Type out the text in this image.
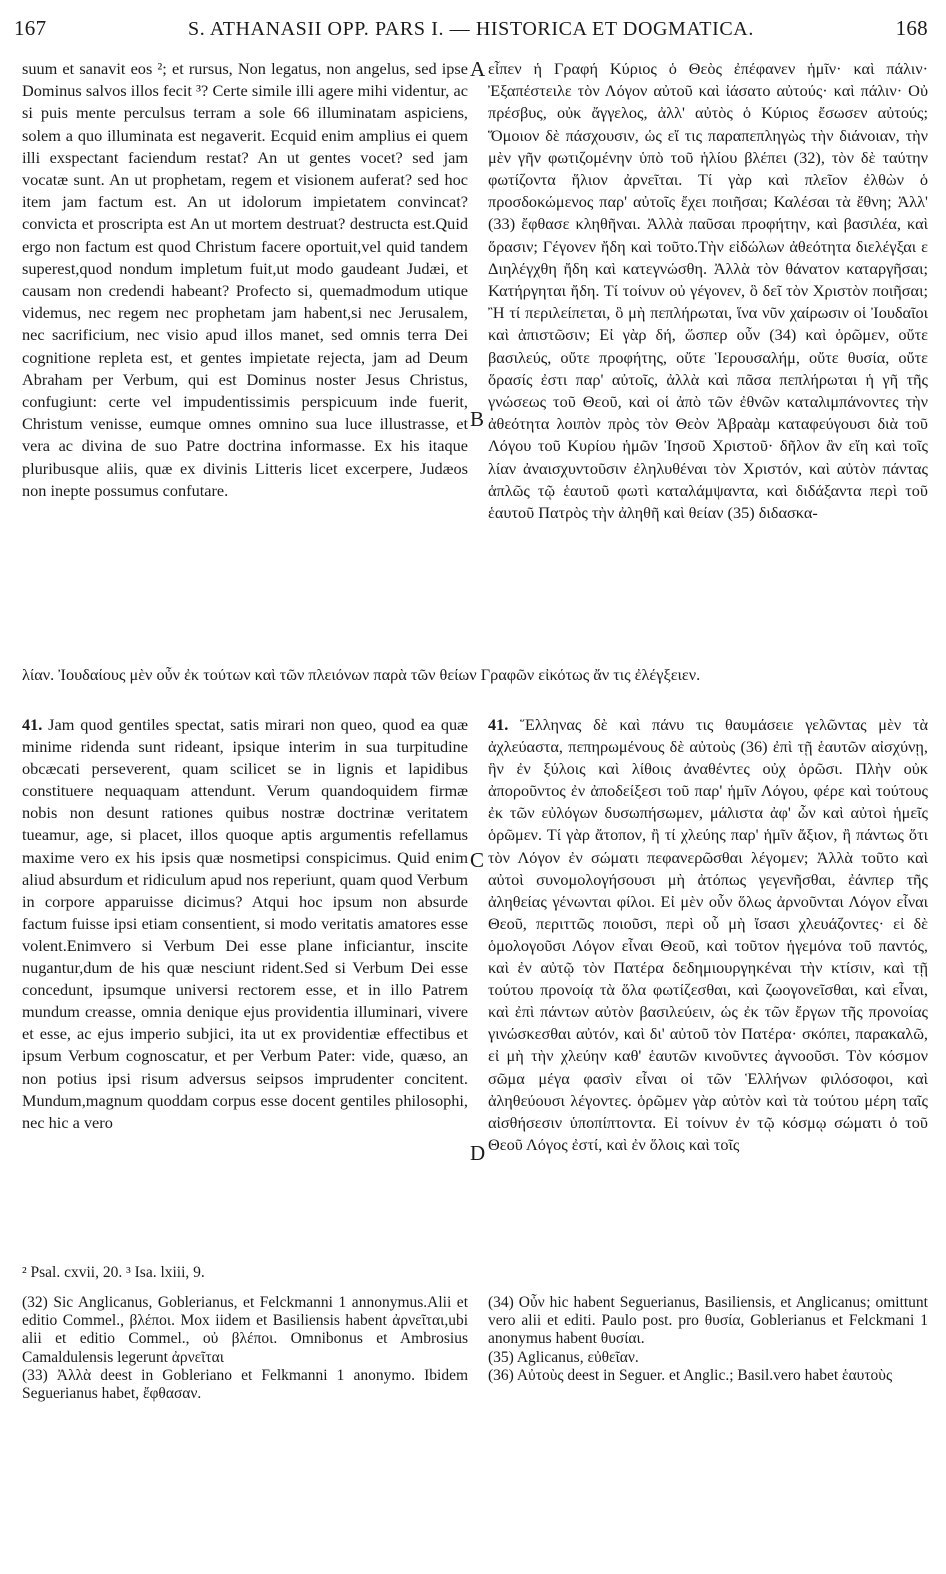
167	S. ATHANASII OPP. PARS I. — HISTORICA ET DOGMATICA.	168

suum et sanavit eos ²; et rursus, Non legatus, non angelus, sed ipse Dominus salvos illos fecit ³? Certe simile illi agere mihi videntur, ac si puis mente perculsus terram a sole 66 illuminatam aspiciens, solem a quo illuminata est negaverit. Ecquid enim amplius ei quem illi exspectant faciendum restat? An ut gentes vocet? sed jam vocatæ sunt. An ut prophetam, regem et visionem auferat? sed hoc item jam factum est. An ut idolorum impietatem convincat? convicta et proscripta est An ut mortem destruat? destructa est.Quid ergo non factum est quod Christum facere oportuit,vel quid tandem superest,quod nondum impletum fuit,ut modo gaudeant Judæi, et causam non credendi habeant? Profecto si, quemadmodum utique videmus, nec regem nec prophetam jam habent,si nec Jerusalem, nec sacrificium, nec visio apud illos manet, sed omnis terra Dei cognitione repleta est, et gentes impietate rejecta, jam ad Deum Abraham per Verbum, qui est Dominus noster Jesus Christus, confugiunt: certe vel impudentissimis perspicuum inde fuerit, Christum venisse, eumque omnes omnino sua luce illustrasse, et vera ac divina de suo Patre doctrina informasse. Ex his itaque pluribusque aliis, quæ ex divinis Litteris licet excerpere, Judæos non inepte possumus confutare.

εἶπεν ἡ Γραφή Κύριος ὁ Θεὸς ἐπέφανεν ἡμῖν· καὶ πάλιν· Ἐξαπέστειλε τὸν Λόγον αὐτοῦ καὶ ἰάσατο αὐτούς· καὶ πάλιν· Οὐ πρέσβυς, οὐκ ἄγγελος, ἀλλ' αὐτὸς ὁ Κύριος ἔσωσεν αὐτούς; Ὅμοιον δὲ πάσχουσιν, ὡς εἴ τις παραπεπληγὼς τὴν διάνοιαν, τὴν μὲν γῆν φωτιζομένην ὑπὸ τοῦ ἡλίου βλέπει (32), τὸν δὲ ταύτην φωτίζοντα ἥλιον ἀρνεῖται. Τί γὰρ καὶ πλεῖον ἐλθὼν ὁ προσδοκώμενος παρ' αὐτοῖς ἔχει ποιῆσαι; Καλέσαι τὰ ἔθνη; Ἀλλ' (33) ἔφθασε κληθῆναι. Ἀλλὰ παῦσαι προφήτην, καὶ βασιλέα, καὶ ὅρασιν; Γέγονεν ἤδη καὶ τοῦτο.Τὴν εἰδώλων ἀθεότητα διελέγξαι ε Διηλέγχθη ἤδη καὶ κατεγνώσθη. Ἀλλὰ τὸν θάνατον καταργῆσαι; Κατήργηται ἤδη. Τί τοίνυν οὐ γέγονεν, ὃ δεῖ τὸν Χριστὸν ποιῆσαι; Ἢ τί περιλείπεται, ὃ μὴ πεπλήρωται, ἵνα νῦν χαίρωσιν οἱ Ἰουδαῖοι καὶ ἀπιστῶσιν; Εἰ γὰρ δή, ὥσπερ οὖν (34) καὶ ὁρῶμεν, οὔτε βασιλεύς, οὔτε προφήτης, οὔτε Ἱερουσαλήμ, οὔτε θυσία, οὔτε ὅρασίς ἐστι παρ' αὐτοῖς, ἀλλὰ καὶ πᾶσα πεπλήρωται ἡ γῆ τῆς γνώσεως τοῦ Θεοῦ, καὶ οἱ ἀπὸ τῶν ἐθνῶν καταλιμπάνοντες τὴν ἀθεότητα λοιπὸν πρὸς τὸν Θεὸν Ἀβραὰμ καταφεύγουσι διὰ τοῦ Λόγου τοῦ Κυρίου ἡμῶν Ἰησοῦ Χριστοῦ· δῆλον ἂν εἴη καὶ τοῖς λίαν ἀναισχυντοῦσιν ἐληλυθέναι τὸν Χριστόν, καὶ αὐτὸν πάντας ἁπλῶς τῷ ἑαυτοῦ φωτὶ καταλάμψαντα, καὶ διδάξαντα περὶ τοῦ ἑαυτοῦ Πατρὸς τὴν ἀληθῆ καὶ θείαν (35) διδασκα-

A
B
λίαν. Ἰουδαίους μὲν οὖν ἐκ τούτων καὶ τῶν πλειόνων παρὰ τῶν θείων Γραφῶν εἰκότως ἄν τις ἐλέγξειεν.

41. Jam quod gentiles spectat, satis mirari non queo, quod ea quæ minime ridenda sunt rideant, ipsique interim in sua turpitudine obcæcati perseverent, quam scilicet se in lignis et lapidibus constituere nequaquam attendunt. Verum quandoquidem firmæ nobis non desunt rationes quibus nostræ doctrinæ veritatem tueamur, age, si placet, illos quoque aptis argumentis refellamus maxime vero ex his ipsis quæ nosmetipsi conspicimus. Quid enim aliud absurdum et ridiculum apud nos reperiunt, quam quod Verbum in corpore apparuisse dicimus? Atqui hoc ipsum non absurde factum fuisse ipsi etiam consentient, si modo veritatis amatores esse volent.Enimvero si Verbum Dei esse plane inficiantur, inscite nugantur,dum de his quæ nesciunt rident.Sed si Verbum Dei esse concedunt, ipsumque universi rectorem esse, et in illo Patrem mundum creasse, omnia denique ejus providentia illuminari, vivere et esse, ac ejus imperio subjici, ita ut ex providentiæ effectibus et ipsum Verbum cognoscatur, et per Verbum Pater: vide, quæso, an non potius ipsi risum adversus seipsos imprudenter concitent. Mundum,magnum quoddam corpus esse docent gentiles philosophi, nec hic a vero

41. Ἕλληνας δὲ καὶ πάνυ τις θαυμάσειε γελῶντας μὲν τὰ ἀχλεύαστα, πεπηρωμένους δὲ αὐτοὺς (36) ἐπὶ τῇ ἑαυτῶν αἰσχύνῃ, ἣν ἐν ξύλοις καὶ λίθοις ἀναθέντες οὐχ ὁρῶσι. Πλὴν οὐκ ἀποροῦντος ἐν ἀποδείξεσι τοῦ παρ' ἡμῖν Λόγου, φέρε καὶ τούτους ἐκ τῶν εὐλόγων δυσωπήσωμεν, μάλιστα ἀφ' ὧν καὶ αὐτοὶ ἡμεῖς ὁρῶμεν. Τί γὰρ ἄτοπον, ἢ τί χλεύης παρ' ἡμῖν ἄξιον, ἢ πάντως ὅτι τὸν Λόγον ἐν σώματι πεφανερῶσθαι λέγομεν; Ἀλλὰ τοῦτο καὶ αὐτοὶ συνομολογήσουσι μὴ ἀτόπως γεγενῆσθαι, ἐάνπερ τῆς ἀληθείας γένωνται φίλοι. Εἰ μὲν οὖν ὅλως ἀρνοῦνται Λόγον εἶναι Θεοῦ, περιττῶς ποιοῦσι, περὶ οὗ μὴ ἴσασι χλευάζοντες· εἰ δὲ ὁμολογοῦσι Λόγον εἶναι Θεοῦ, καὶ τοῦτον ἡγεμόνα τοῦ παντός, καὶ ἐν αὐτῷ τὸν Πατέρα δεδημιουργηκέναι τὴν κτίσιν, καὶ τῇ τούτου προνοίᾳ τὰ ὅλα φωτίζεσθαι, καὶ ζωογονεῖσθαι, καὶ εἶναι, καὶ ἐπὶ πάντων αὐτὸν βασιλεύειν, ὡς ἐκ τῶν ἔργων τῆς προνοίας γινώσκεσθαι αὐτόν, καὶ δι' αὐτοῦ τὸν Πατέρα· σκόπει, παρακαλῶ, εἰ μὴ τὴν χλεύην καθ' ἑαυτῶν κινοῦντες ἀγνοοῦσι. Τὸν κόσμον σῶμα μέγα φασὶν εἶναι οἱ τῶν Ἑλλήνων φιλόσοφοι, καὶ ἀληθεύουσι λέγοντες. ὁρῶμεν γὰρ αὐτὸν καὶ τὰ τούτου μέρη ταῖς αἰσθήσεσιν ὑποπίπτοντα. Εἰ τοίνυν ἐν τῷ κόσμῳ σώματι ὁ τοῦ Θεοῦ Λόγος ἐστί, καὶ ἐν ὅλοις καὶ τοῖς

C
D
² Psal. cxvii, 20. ³ Isa. lxiii, 9.

(32) Sic Anglicanus, Goblerianus, et Felckmanni 1 annonymus.Alii et editio Commel., βλέποι. Mox iidem et Basiliensis habent ἀρνεῖται,ubi alii et editio Commel., οὐ βλέποι. Omnibonus et Ambrosius Camaldulensis legerunt ἀρνεῖται

(33) Ἀλλὰ deest in Gobleriano et Felkmanni 1 anonymo. Ibidem Seguerianus habet, ἔφθασαν.

(34) Οὖν hic habent Seguerianus, Basiliensis, et Anglicanus; omittunt vero alii et editi. Paulo post. pro θυσία, Goblerianus et Felckmani 1 anonymus habent θυσίαι.

(35) Aglicanus, εὐθεῖαν.

(36) Αὐτοὺς deest in Seguer. et Anglic.; Basil.vero habet ἑαυτοὺς
